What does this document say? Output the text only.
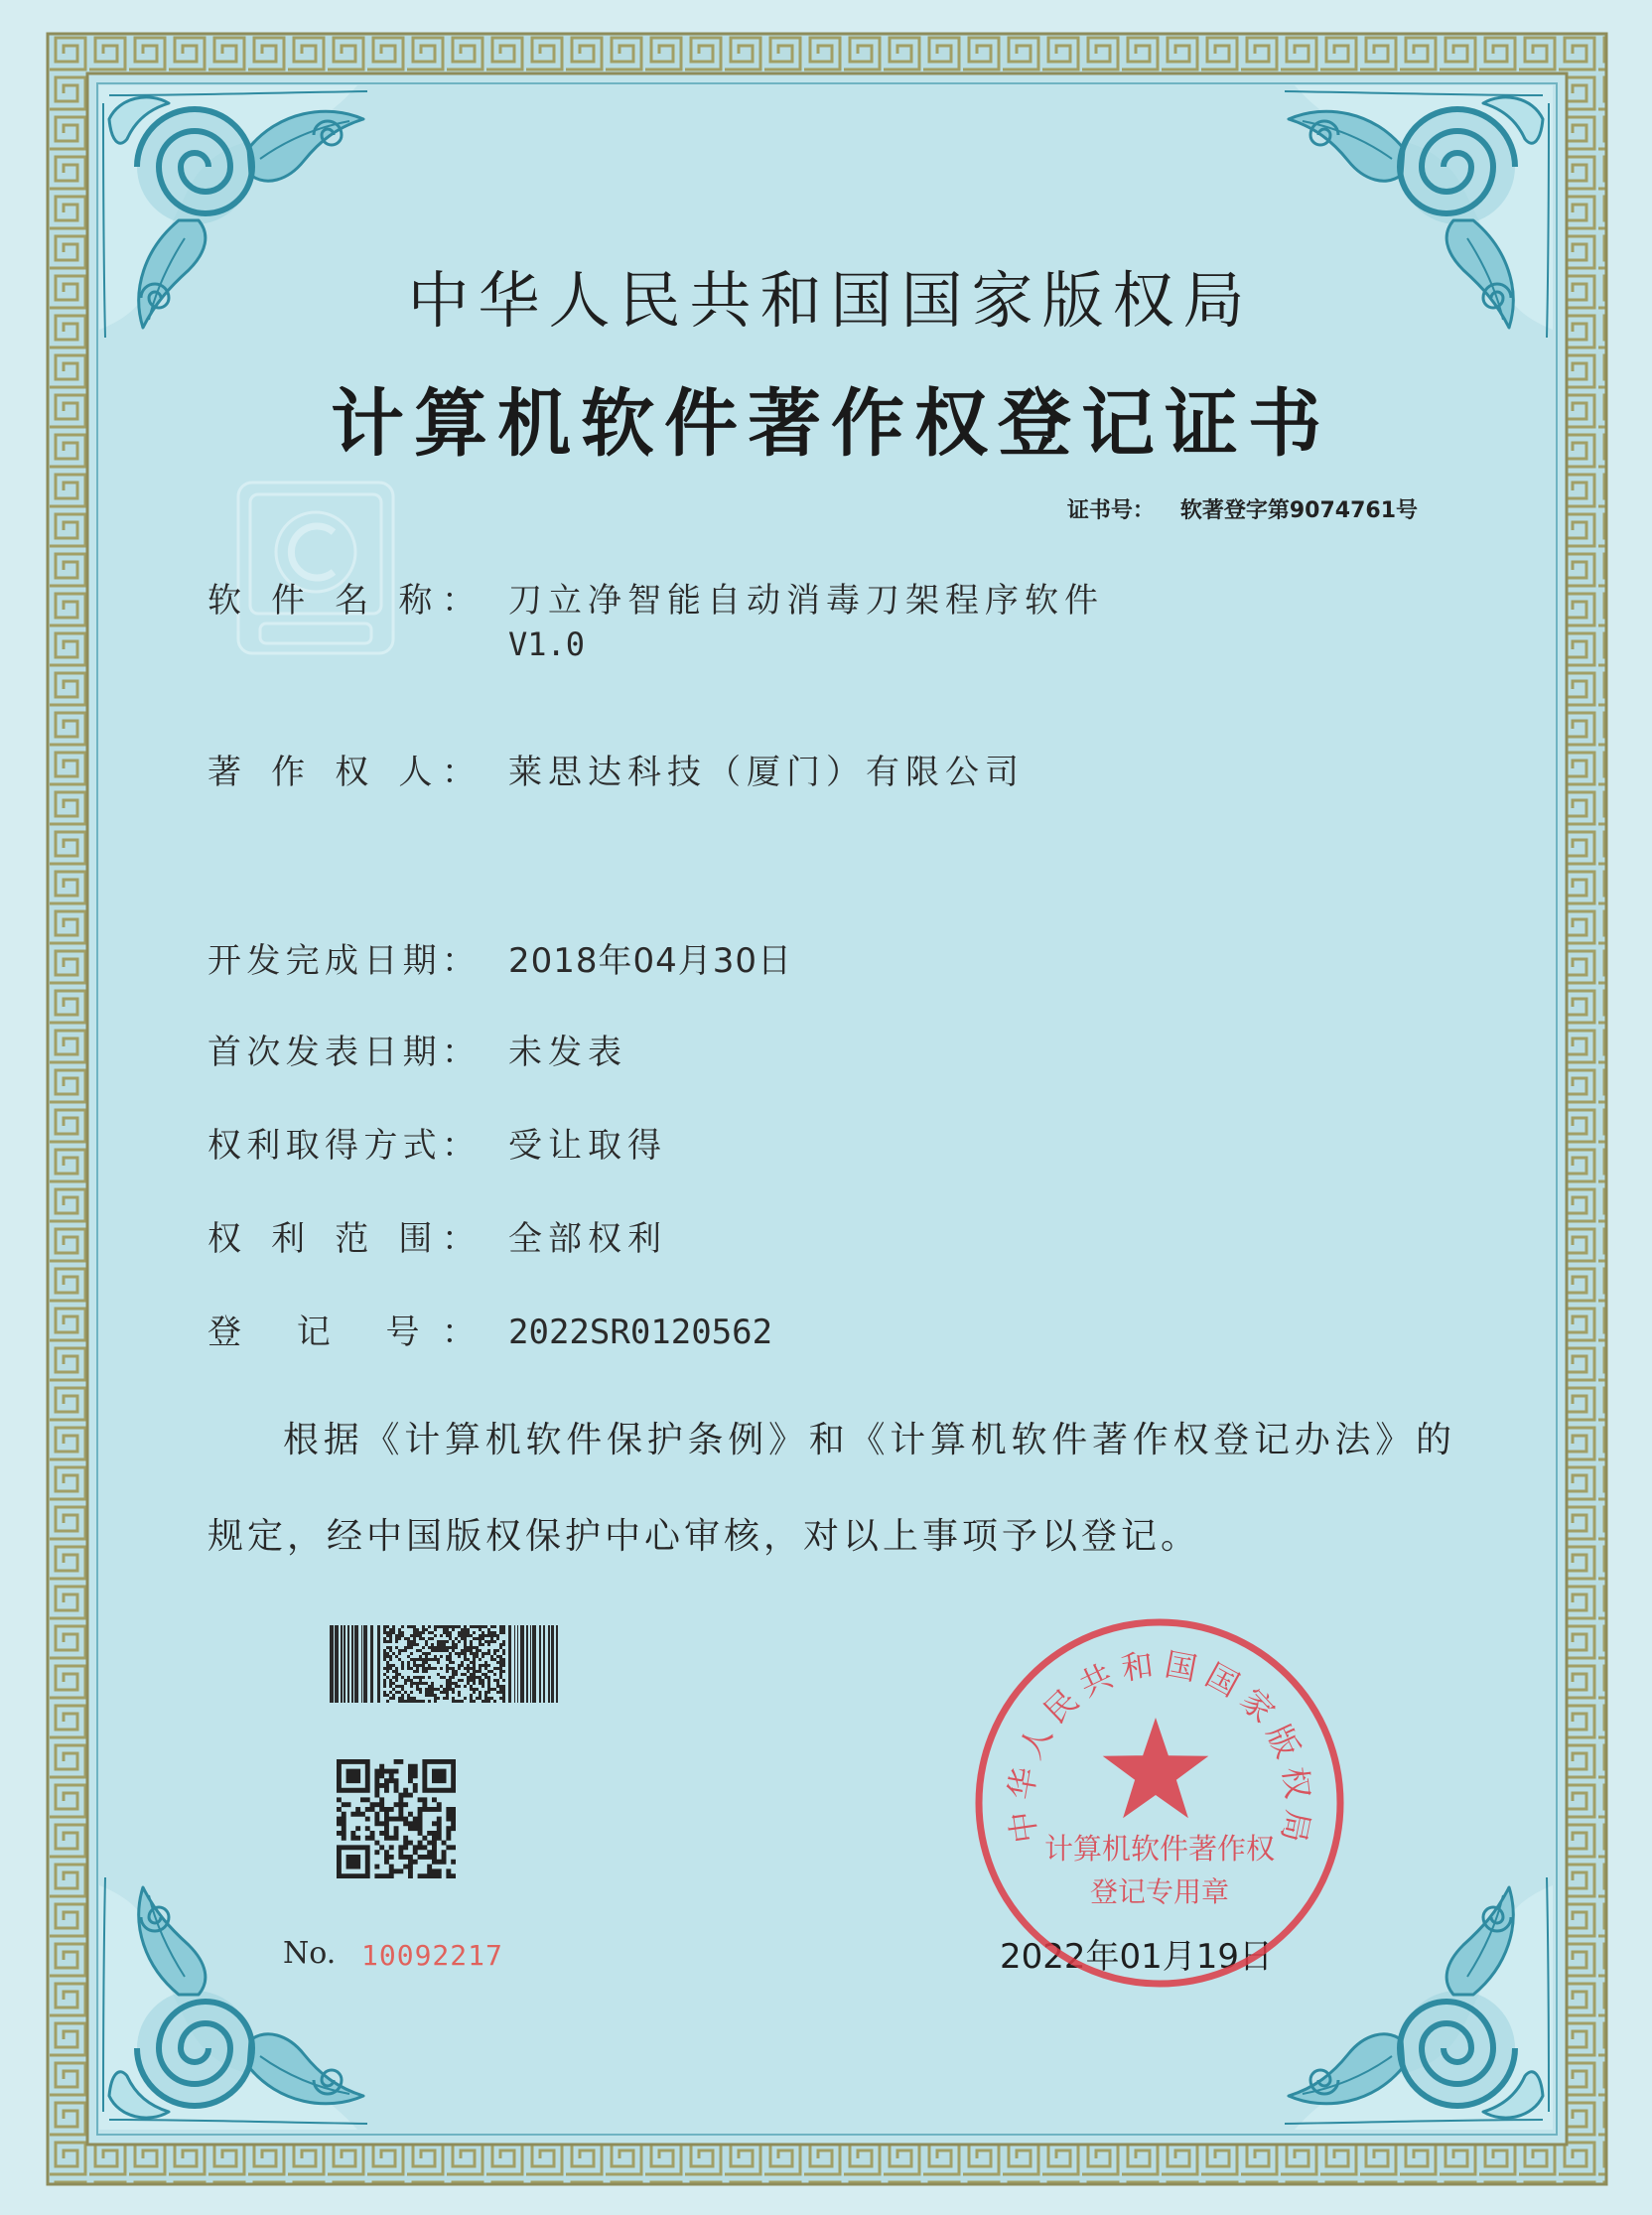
中华人民共和国国家版权局
计算机软件著作权登记证书
证书号： 软著登字第9074761号
软 件 名 称： 刀立净智能自动消毒刀架程序软件
V1.0
著 作 权 人： 莱思达科技（厦门）有限公司
开发完成日期： 2018年04月30日
首次发表日期： 未发表
权利取得方式： 受让取得
权 利 范 围： 全部权利
登 记 号： 2022SR0120562
根据《计算机软件保护条例》和《计算机软件著作权登记办法》的
规定，经中国版权保护中心审核，对以上事项予以登记。
No. 10092217	2022年01月19日
中华人民共和国国家版权局
计算机软件著作权
登记专用章
